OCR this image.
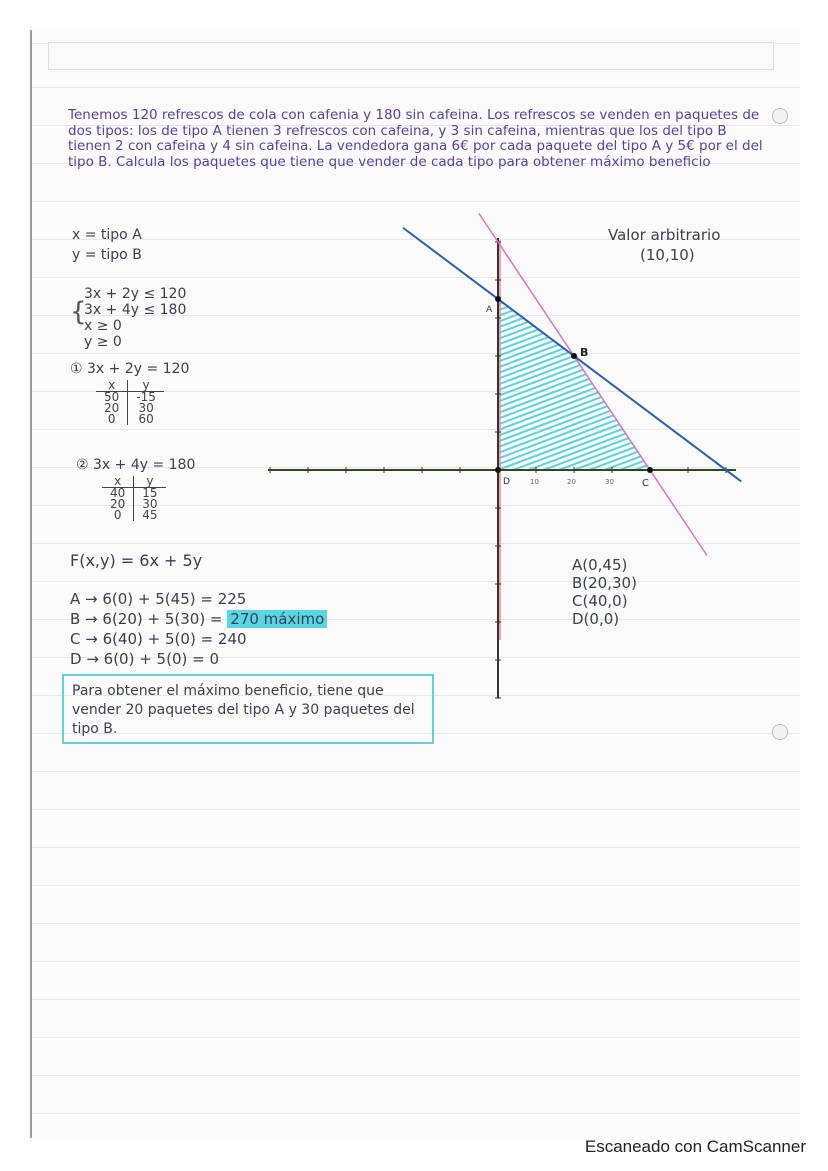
Tenemos 120 refrescos de cola con cafenia y 180 sin cafeina. Los refrescos se venden en paquetes de dos tipos: los de tipo A tienen 3 refrescos con cafeina, y 3 sin cafeina, mientras que los del tipo B tienen 2 con cafeina y 4 sin cafeina. La vendedora gana 6€ por cada paquete del tipo A y 5€ por el del tipo B. Calcula los paquetes que tiene que vender de cada tipo para obtener máximo beneficio
x = tipo A
y = tipo B
{
3x + 2y ≤ 120
3x + 4y ≤ 180
x ≥ 0
y ≥ 0
① 3x + 2y = 120
x	y
50	-15
20	30
0	60
② 3x + 4y = 180
x	y
40	15
20	30
0	45
F(x,y) = 6x + 5y
A → 6(0) + 5(45) = 225
B → 6(20) + 5(30) = 270 máximo
C → 6(40) + 5(0) = 240
D → 6(0) + 5(0) = 0
Para obtener el máximo beneficio, tiene que vender 20 paquetes del tipo A y 30 paquetes del tipo B.
Valor arbitrario
(10,10)
A(0,45)
B(20,30)
C(40,0)
D(0,0)
D
A
B
C
10	20	30
Escaneado con CamScanner
